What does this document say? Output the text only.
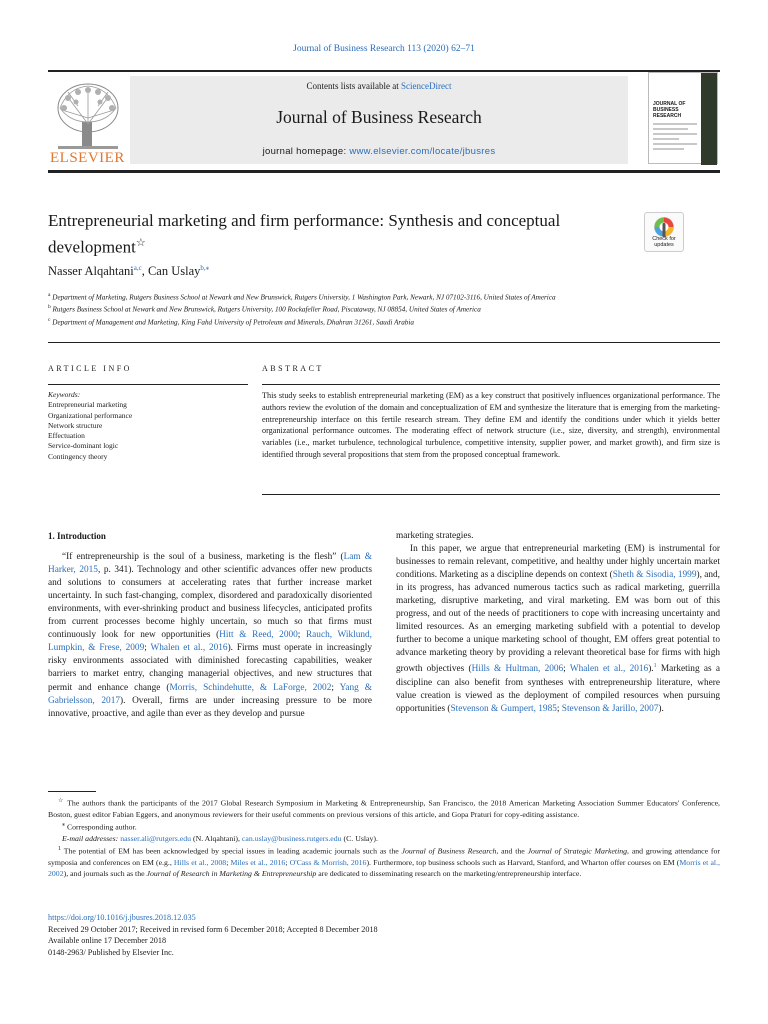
Journal of Business Research 113 (2020) 62–71
ELSEVIER
Contents lists available at ScienceDirect
Journal of Business Research
journal homepage: www.elsevier.com/locate/jbusres
JOURNAL OF BUSINESS RESEARCH
Entrepreneurial marketing and firm performance: Synthesis and conceptual development☆	Check for updates
Nasser Alqahtani$^{a,c}$, Can Uslay$^{b,⁎}$
$^a$ Department of Marketing, Rutgers Business School at Newark and New Brunswick, Rutgers University, 1 Washington Park, Newark, NJ 07102-3116, United States of America
$^b$ Rutgers Business School at Newark and New Brunswick, Rutgers University, 100 Rockafeller Road, Piscataway, NJ 08854, United States of America
$^c$ Department of Management and Marketing, King Fahd University of Petroleum and Minerals, Dhahran 31261, Saudi Arabia
ARTICLE INFO	ABSTRACT
Keywords:
Entrepreneurial marketing
Organizational performance
Network structure
Effectuation
Service-dominant logic
Contingency theory
This study seeks to establish entrepreneurial marketing (EM) as a key construct that positively influences organizational performance. The authors review the evolution of the domain and conceptualization of EM and synthesize the literature that is emerging from the marketing-entrepreneurship interface on this fertile research stream. They define EM and identify the conditions under which it yields better organizational performance outcomes. The moderating effect of network structure (i.e., size, diversity, and strength), environmental variables (i.e., market turbulence, technological turbulence, competitive intensity, supplier power, and market growth), and firm size is identified through several propositions that stem from the proposed conceptual framework.
1. Introduction

“If entrepreneurship is the soul of a business, marketing is the flesh” (Lam & Harker, 2015, p. 341). Technology and other scientific advances offer new products and solutions to consumers at accelerating rates that further increase market uncertainty. In such fast-changing, complex, disordered and paradoxically disoriented environments, with ever-shrinking product and business lifecycles, anticipated profits from current processes become highly uncertain, so much so that firms must continuously look for new opportunities (Hitt & Reed, 2000; Rauch, Wiklund, Lumpkin, & Frese, 2009; Whalen et al., 2016). Firms must operate in increasingly risky environments associated with diminished forecasting capabilities, weaker barriers to market entry, changing managerial objectives, and new structures that permit and enhance change (Morris, Schindehutte, & LaForge, 2002; Yang & Gabrielsson, 2017). Overall, firms are under increasing pressure to be more innovative, proactive, and agile than ever as they develop and pursue

marketing strategies.

In this paper, we argue that entrepreneurial marketing (EM) is instrumental for businesses to remain relevant, competitive, and healthy under highly uncertain market conditions. Marketing as a discipline depends on context (Sheth & Sisodia, 1999), and, in its progress, has advanced numerous tactics such as radical marketing, guerrilla marketing, disruptive marketing, and viral marketing. EM was born out of this progress, and out of the needs of practitioners to cope with increasing uncertainty and limited resources. As an emerging marketing subfield with a potential to develop further to become a unique marketing school of thought, EM offers great potential to advance marketing theory by providing a relevant theoretical base for firms with high growth objectives (Hills & Hultman, 2006; Whalen et al., 2016).$^1$ Marketing as a discipline can also benefit from syntheses with entrepreneurship literature, where value creation is viewed as the deployment of compiled resources when pursuing opportunities (Stevenson & Gumpert, 1985; Stevenson & Jarillo, 2007).

☆ The authors thank the participants of the 2017 Global Research Symposium in Marketing & Entrepreneurship, San Francisco, the 2018 American Marketing Association Summer Educators' Conference, Boston, guest editor Fabian Eggers, and anonymous reviewers for their useful comments on previous versions of this article, and Gopa Praturi for copy-editing assistance.

⁎ Corresponding author.

E-mail addresses: nasser.ali@rutgers.edu (N. Alqahtani), can.uslay@business.rutgers.edu (C. Uslay).

$^1$ The potential of EM has been acknowledged by special issues in leading academic journals such as the Journal of Business Research, and the Journal of Strategic Marketing, and growing attendance for symposia and conferences on EM (e.g., Hills et al., 2008; Miles et al., 2016; O'Cass & Morrish, 2016). Furthermore, top business schools such as Harvard, Stanford, and Wharton offer courses on EM (Morris et al., 2002), and journals such as the Journal of Research in Marketing & Entrepreneurship are dedicated to disseminating research on the marketing/entrepreneurship interface.

https://doi.org/10.1016/j.jbusres.2018.12.035
Received 29 October 2017; Received in revised form 6 December 2018; Accepted 8 December 2018
Available online 17 December 2018
0148-2963/ Published by Elsevier Inc.
